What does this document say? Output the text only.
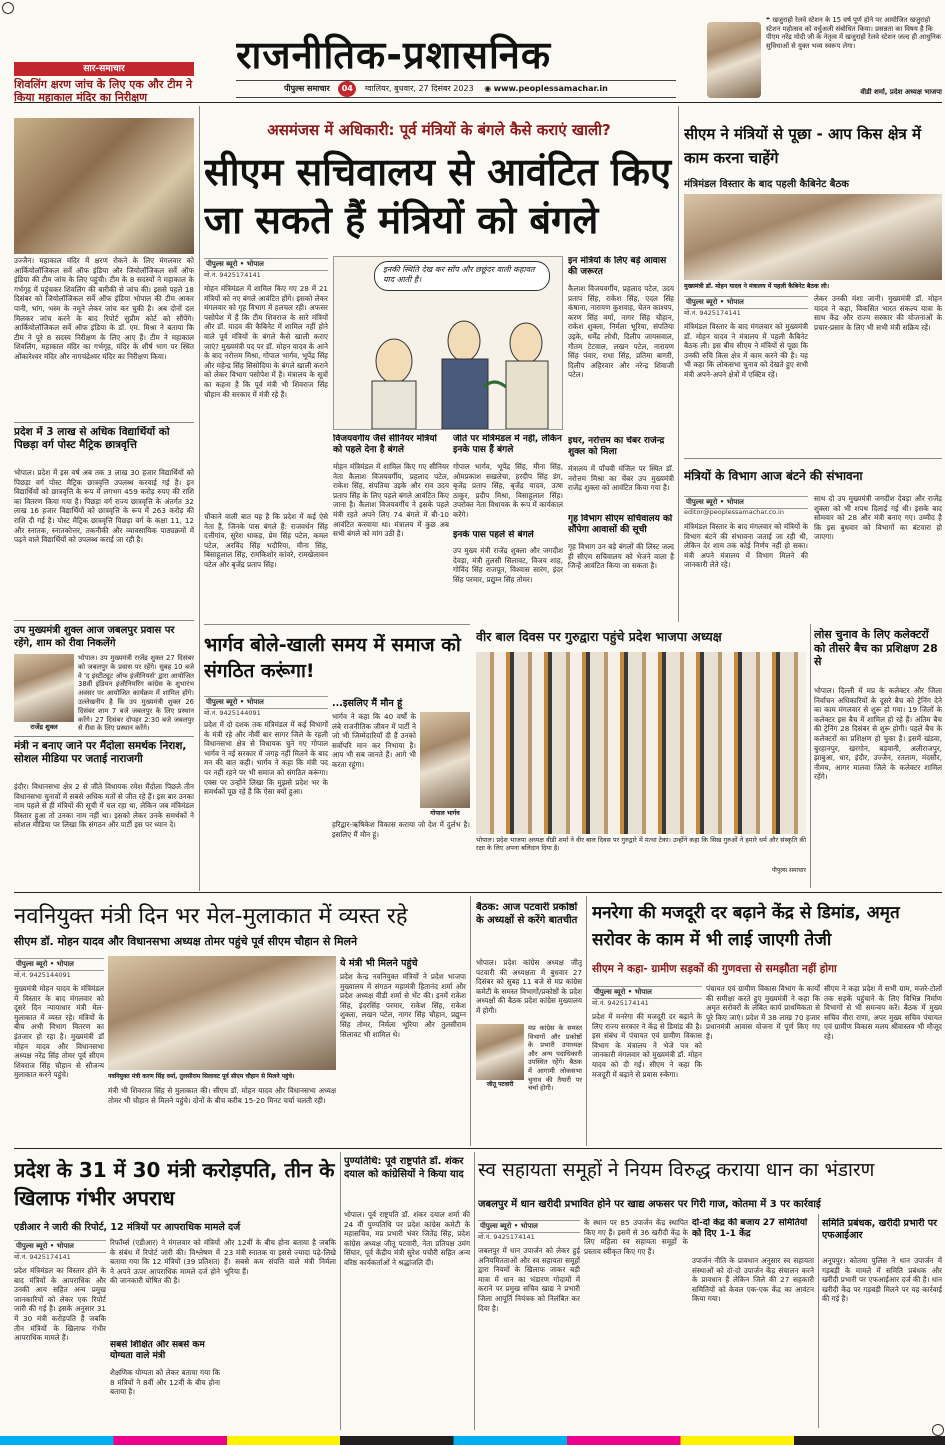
राजनीतिक-प्रशासनिक
पीपुल्स समाचार 04 ग्वालियर, बुधवार, 27 दिसंबर 2023 ◉ www.peoplessamachar.in
❝ खजुराहो रेलवे स्टेशन के 15 वर्ष पूर्ण होने पर आयोजित खजुराहो स्टेशन महोत्सव को वर्चुअली संबोधित किया। प्रसन्नता का विषय है कि पीएम नरेंद्र मोदी जी के नेतृत्व में खजुराहो रेलवे स्टेशन जल्द ही आधुनिक सुविधाओं से युक्त भव्य स्वरूप लेगा।
वीडी शर्मा, प्रदेश अध्यक्ष भाजपा
सार-समाचार
शिवलिंग क्षरण जांच के लिए एक और टीम ने किया महाकाल मंदिर का निरीक्षण
उज्जैन। महाकाल मंदिर में क्षरण रोकने के लिए मंगलवार को आर्कियोलॉजिकल सर्वे ऑफ इंडिया और जियोलॉजिकल सर्वे ऑफ इंडिया की टीम जांच के लिए पहुंची। टीम के 8 सदस्यों ने महाकाल के गर्भगृह में पहुंचकर शिवलिंग की बारीकी से जांच की। इससे पहले 18 दिसंबर को जियोलॉजिकल सर्वे ऑफ इंडिया भोपाल की टीम आकर पानी, भांग, भस्म के नमूने लेकर जांच कर चुकी है। अब दोनों दल मिलकर जांच करने के बाद रिपोर्ट सुप्रीम कोर्ट को सौंपेंगे। आर्कियोलॉजिकल सर्वे ऑफ इंडिया के डॉ. एम. मिश्रा ने बताया कि टीम ने पूरे 8 सदस्य निरीक्षण के लिए आए हैं। टीम ने महाकाल शिवलिंग, महाकाल मंदिर का गर्भगृह, मंदिर के शीर्ष भाग पर स्थित ओंकारेश्वर मंदिर और नागचंद्रेश्वर मंदिर का निरीक्षण किया।
प्रदेश में 3 लाख से अधिक विद्यार्थियों को पिछड़ा वर्ग पोस्ट मैट्रिक छात्रवृत्ति
भोपाल। प्रदेश में इस वर्ष अब तक 3 लाख 30 हजार विद्यार्थियों को पिछड़ा वर्ग पोस्ट मैट्रिक छात्रवृत्ति उपलब्ध करवाई गई है। इन विद्यार्थियों को छात्रवृत्ति के रूप में लगभग 459 करोड़ रुपए की राशि का वितरण किया गया है। पिछड़ा वर्ग राज्य छात्रवृत्ति के अंतर्गत 32 लाख 16 हजार विद्यार्थियों को छात्रवृत्ति के रूप में 263 करोड़ की राशि दी गई है। पोस्ट मैट्रिक छात्रवृत्ति पिछड़ा वर्ग के कक्षा 11, 12 और स्नातक, स्नातकोत्तर, तकनीकी और व्यावसायिक पाठ्यक्रमों में पढ़ने वाले विद्यार्थियों को उपलब्ध कराई जा रही है।
उप मुख्यमंत्री शुक्ल आज जबलपुर प्रवास पर रहेंगे, शाम को रीवा निकलेंगे
राजेंद्र शुक्ल
भोपाल। उप मुख्यमंत्री राजेंद्र शुक्ल 27 दिसंबर को जबलपुर के प्रवास पर रहेंगे। सुबह 10 बजे वे 'द इंस्टीट्यूट ऑफ इंजीनियर्स' द्वारा आयोजित 38वीं इंडियन इंजीनियरिंग कांग्रेस के शुभारंभ अवसर पर आयोजित कार्यक्रम में शामिल होंगे। उल्लेखनीय है कि उप मुख्यमंत्री शुक्ल 26 दिसंबर शाम 7 बजे जबलपुर के लिए प्रस्थान करेंगे। 27 दिसंबर दोपहर 2:30 बजे जबलपुर से रीवा के लिए प्रस्थान करेंगे।
मंत्री न बनाए जाने पर मैंदोला समर्थक निराश, सोशल मीडिया पर जताई नाराजगी
इंदौर। विधानसभा क्षेत्र 2 से जीते विधायक रमेश मैंदोला पिछले तीन विधानसभा चुनावों में सबसे अधिक मतों से जीत रहे हैं। इस बार उनका नाम पहले से ही मंत्रियों की सूची में चल रहा था, लेकिन जब मंत्रिमंडल विस्तार हुआ तो उनका नाम नहीं था। इसको लेकर उनके समर्थकों ने सोशल मीडिया पर लिखा कि संगठन और पार्टी इस पर ध्यान दे।
असमंजस में अधिकारी: पूर्व मंत्रियों के बंगले कैसे कराएं खाली?
सीएम सचिवालय से आवंटित किए जा सकते हैं मंत्रियों को बंगले
पीपुल्स ब्यूरो • भोपाल
मो.नं. 9425174141
मोहन मंत्रिमंडल में शामिल किए गए 28 में 21 मंत्रियों को नए बंगले आवंटित होंगे। इसको लेकर मंगलवार को गृह विभाग में हलचल रही। अफसर पसोपेश में हैं कि टीम शिवराज के सारे मंत्रियों और डॉ. यादव की कैबिनेट में शामिल नहीं होने वाले पूर्व मंत्रियों के बंगले कैसे खाली कराए जाएं? मुख्यमंत्री पद पर डॉ. मोहन यादव के आने के बाद नरोत्तम मिश्रा, गोपाल भार्गव, भूपेंद्र सिंह और महेन्द्र सिंह सिसोदिया के बंगले खाली कराने को लेकर विभाग पसोपेश में है। मंत्रालय के सूत्रों का कहना है कि पूर्व मंत्री भी शिवराज सिंह चौहान की सरकार में मंत्री रहे हैं।
चौंकाने वाली बात यह है कि प्रदेश में कई ऐसे नेता हैं, जिनके पास बंगले हैं: राजवर्धन सिंह दत्तीगांव, सुरेश धाकड़, प्रेम सिंह पटेल, कमल पटेल, अरविंद सिंह भदौरिया, मीना सिंह, बिसाहूलाल सिंह, रामकिशोर कांवरे, रामखेलावन पटेल और बृजेंद्र प्रताप सिंह।
इनकी स्थिति देख कर साँप और छछूंदर वाली कहावत याद आती है।
विजयवर्गीय जैसे सीनियर मंत्रियों को पहले देना है बंगले
मोहन मंत्रिमंडल में शामिल किए गए सीनियर नेता कैलाश विजयवर्गीय, प्रहलाद पटेल, राकेश सिंह, संपतिया उइके और राव उदय प्रताप सिंह के लिए पहले बंगले आवंटित किए जाना है। कैलाश विजयवर्गीय ने इसके पहले मंत्री रहते अपने लिए 74 बंगले में बी-10 आवंटित करवाया था। मंत्रालय में कुछ अब सभी बंगले को मांग उठी है।
जीते पर मंत्रिमंडल में नहीं, लेकिन इनके पास हैं बंगले
गोपाल भार्गव, भूपेंद्र सिंह, मीना सिंह, ओमप्रकाश सखलेचा, हरदीप सिंह डंग, बृजेंद्र प्रताप सिंह, बृजेंद्र यादव, ऊषा ठाकुर, प्रदीप मिश्रा, विसाहूलाल सिंह। उपरोक्त नेता विधायक के रूप में कार्यकाल करेंगे।
इनके पास पहले से बंगले
उप मुख्य मंत्री राजेंद्र शुक्ला और जगदीश देवड़ा, मंत्री तुलसी सिलावट, विजय शाह, गोविंद सिंह राजपूत, विश्वास सारंग, इंदर सिंह परमार, प्रद्युम्न सिंह तोमर।
इन मंत्रियों के लिए बड़े आवास की जरूरत
कैलाश विजयवर्गीय, प्रहलाद पटेल, उदय प्रताप सिंह, राकेश सिंह, एदल सिंह कंषाना, नारायण कुशवाह, चेतन काश्यप, करण सिंह वर्मा, नागर सिंह चौहान, राकेश शुक्ला, निर्मला भूरिया, संपतिया उइके, धर्मेंद्र लोधी, दिलीप जायसवाल, गौतम टेटवाल, लखन पटेल, नारायण सिंह पंवार, राधा सिंह, प्रतिमा बागरी, दिलीप अहिरवार और नरेन्द्र शिवाजी पटेल।
इधर, नरोत्तम का चेंबर राजेन्द्र शुक्ल को मिला
मंत्रालय में पाँचवी मंजिल पर स्थित डॉ. नरोत्तम मिश्रा का चेंबर उप मुख्यमंत्री राजेंद्र शुक्ला को आवंटित किया गया है।
गृह विभाग सीएम सचिवालय को सौंपेगा आवासों की सूची
गृह विभाग उन बड़े बंगलों की लिस्ट जल्द ही सीएम सचिवालय को भेजने वाला है जिन्हें आवंटित किया जा सकता है।
भार्गव बोले-खाली समय में समाज को संगठित करूंगा!
पीपुल्स ब्यूरो • भोपाल
मो.नं. 9425144091
प्रदेश में दो दशक तक मंत्रिमंडल में कई विभागों के मंत्री रहे और नौवीं बार सागर जिले के रहली विधानसभा क्षेत्र से विधायक चुने गए गोपाल भार्गव ने नई सरकार में जगह नहीं मिलने के बाद मन की बात कही। भार्गव ने कहा कि मंत्री पद पर नहीं रहने पर भी समाज को संगठित करूंगा। एक्स पर उन्होंने लिखा कि मुझसे प्रदेश भर के समर्थकों पूछ रहे हैं कि ऐसा क्यों हुआ।
...इसलिए मैं मौन हूं
भार्गव ने कहा कि 40 वर्षों के लंबे राजनीतिक जीवन में पार्टी ने जो भी जिम्मेदारियाँ दी हैं उनको सर्वोपरि मान कर निभाया है। आप भी सब जानते हैं। आगे भी करता रहूंगा।
गोपाल भार्गव
हरिद्वार-ऋषिकेश विकास कराया जो देश में दुर्लभ है। इसलिए मैं मौन हूं।
सीएम ने मंत्रियों से पूछा - आप किस क्षेत्र में काम करना चाहेंगे
मंत्रिमंडल विस्तार के बाद पहली कैबिनेट बैठक
मुख्यमंत्री डॉ. मोहन यादव ने मंत्रालय में पहली कैबिनेट बैठक ली।
पीपुल्स ब्यूरो • भोपाल
मो.नं. 9425174141
मंत्रिमंडल विस्तार के बाद मंगलवार को मुख्यमंत्री डॉ. मोहन यादव ने मंत्रालय में पहली कैबिनेट बैठक ली। इस बीच सीएम ने मंत्रियों से पूछा कि उनकी रुचि किस क्षेत्र में काम करने की है। यह भी कहा कि लोकसभा चुनाव को देखते हुए सभी मंत्री अपने-अपने क्षेत्रों में एक्टिव रहें।
लेकर उनकी मंशा जानी। मुख्यमंत्री डॉ. मोहन यादव ने कहा, विकसित भारत संकल्प यात्रा के साथ केंद्र और राज्य सरकार की योजनाओं के प्रचार-प्रसार के लिए भी सभी मंत्री सक्रिय रहें।
मंत्रियों के विभाग आज बंटने की संभावना
पीपुल्स ब्यूरो • भोपाल
editor@peoplessamachar.co.in
मंत्रिमंडल विस्तार के बाद मंगलवार को मंत्रियों के विभाग बंटने की संभावना जताई जा रही थी, लेकिन देर शाम तक कोई निर्णय नहीं हो सका। मंत्री अपने मंत्रालय में विभाग मिलने की जानकारी लेते रहे।
साथ दो उप मुख्यमंत्री जगदीश देवड़ा और राजेंद्र शुक्ला को भी शपथ दिलाई गई थी। इसके बाद सोमवार को 28 और मंत्री बनाए गए। उम्मीद है कि इस बुधवार को विभागों का बंटवारा हो जाएगा।
वीर बाल दिवस पर गुरुद्वारा पहुंचे प्रदेश भाजपा अध्यक्ष
भोपाल। प्रदेश भाजपा अध्यक्ष वीडी शर्मा ने वीर बाल दिवस पर गुरुद्वारे में मत्था टेका। उन्होंने कहा कि सिख गुरुओं ने हमारे धर्म और संस्कृति की रक्षा के लिए अपना बलिदान दिया है।
पीपुल्स समाचार
लोस चुनाव के लिए कलेक्टरों को तीसरे बैच का प्रशिक्षण 28 से
भोपाल। दिल्ली में मप्र के कलेक्टर और जिला निर्वाचन अधिकारियों के दूसरे बैच को ट्रेनिंग देने का काम मंगलवार से शुरू हो गया। 19 जिलों के कलेक्टर इस बैच में शामिल हो रहे हैं। अंतिम बैच की ट्रेनिंग 28 दिसंबर से शुरू होगी। पहले बैच के कलेक्टरों का प्रशिक्षण हो चुका है। इसमें खंडवा, बुरहानपुर, खरगोन, बड़वानी, अलीराजपुर, झाबुआ, धार, इंदौर, उज्जैन, रतलाम, मंदसौर, नीमच, आगर मालवा जिले के कलेक्टर शामिल रहेंगे।
नवनियुक्त मंत्री दिन भर मेल-मुलाकात में व्यस्त रहे
सीएम डॉ. मोहन यादव और विधानसभा अध्यक्ष तोमर पहुंचे पूर्व सीएम चौहान से मिलने
पीपुल्स ब्यूरो • भोपाल
मो.नं. 9425144091
मुख्यमंत्री मोहन यादव के मंत्रिमंडल में विस्तार के बाद मंगलवार को दूसरे दिन न्यायाधार मंत्री मेल-मुलाकात में व्यस्त रहे। मंत्रियों के बीच अभी विभाग वितरण का इंतजार हो रहा है। मुख्यमंत्री डॉ मोहन यादव और विधानसभा अध्यक्ष नरेंद्र सिंह तोमर पूर्व सीएम शिवराज सिंह चौहान से सौजन्य मुलाकात करने पहुंचे।	नवनियुक्त मंत्री करण सिंह वर्मा, तुलसीराम सिलावट पूर्व सीएम चौहान से मिलने पहुंचे।
मंत्री भी शिवराज सिंह से मुलाकात की। सीएम डॉ. मोहन यादव और विधानसभा अध्यक्ष तोमर भी चौहान से मिलने पहुंचे। दोनों के बीच करीब 15-20 मिनट चर्चा चलती रही।
ये मंत्री भी मिलने पहुंचे
प्रदेश केन्द्र नवनियुक्त मंत्रियों ने प्रदेश भाजपा मुख्यालय में संगठन महामंत्री हितानंद शर्मा और प्रदेश अध्यक्ष वीडी शर्मा से भेंट की। इनमें राकेश सिंह, इंदरसिंह परमार, राकेश सिंह, राकेश शुक्ला, लखन पटेल, नागर सिंह चौहान, प्रद्युम्न सिंह तोमर, निर्मला भूरिया और तुलसीराम सिलावट भी शामिल थे।
बैठक: आज पटवारी प्रकोष्ठों के अध्यक्षों से करेंगे बातचीत
भोपाल। प्रदेश कांग्रेस अध्यक्ष जीतू पटवारी की अध्यक्षता में बुधवार 27 दिसंबर को सुबह 11 बजे से मप्र कांग्रेस कमेटी के समस्त विभागों/प्रकोष्ठों के प्रदेश अध्यक्षों की बैठक प्रदेश कांग्रेस मुख्यालय में होगी।
जीतू पटवारी
मप्र कांग्रेस के समस्त विभागों और प्रकोष्ठों के प्रभारी उपाध्यक्ष और अन्य पदाधिकारी उपस्थित रहेंगे। बैठक में आगामी लोकसभा चुनाव की तैयारी पर चर्चा होगी।
मनरेगा की मजदूरी दर बढ़ाने केंद्र से डिमांड, अमृत सरोवर के काम में भी लाई जाएगी तेजी
सीएम ने कहा- ग्रामीण सड़कों की गुणवत्ता से समझौता नहीं होगा
पीपुल्स ब्यूरो • भोपाल
मो.नं. 9425174141
प्रदेश में मनरेगा की मजदूरी दर बढ़ाने के लिए राज्य सरकार ने केंद्र से डिमांड की है। इस संबंध में पंचायत एवं ग्रामीण विकास विभाग के मंत्रालय ने भेजे पत्र को जानकारी मंगलवार को मुख्यमंत्री डॉ. मोहन यादव को दी गई। सीएम ने कहा कि मजदूरी में बढ़ाने से प्रवास रुकेगा।
पंचायत एवं ग्रामीण विकास विभाग के कार्यों की समीक्षा करते हुए मुख्यमंत्री ने कहा कि अमृत सरोवरों के लंबित कार्य प्राथमिकता से पूरे किए जाएं। प्रदेश में 38 लाख 70 हजार प्रधानमंत्री आवास योजना में पूर्ण किए गए हैं।
सीएम ने कहा प्रदेश में सभी ग्राम, मजरे-टोलों तक सड़कें पहुंचाने के लिए विभिन्न निर्माण विभागों से भी समन्वय करें। बैठक में मुख्य सचिव वीरा राणा, अपर मुख्य सचिव पंचायत एवं ग्रामीण विकास मलय श्रीवास्तव भी मौजूद रहे।
प्रदेश के 31 में 30 मंत्री करोड़पति, तीन के खिलाफ गंभीर अपराध
एडीआर ने जारी की रिपोर्ट, 12 मंत्रियों पर आपराधिक मामले दर्ज
पीपुल्स ब्यूरो • भोपाल
मो.नं. 9425174141
प्रदेश मंत्रिमंडल का विस्तार होने के बाद मंत्रियों के आपराधिक और उनकी आय सहित अन्य प्रमुख जानकारियों को लेकर एक रिपोर्ट जारी की गई है। इसके अनुसार 31 में 30 मंत्री करोड़पति हैं जबकि तीन मंत्रियों के खिलाफ गंभीर आपराधिक मामले हैं।
रिफॉर्म्स (एडीआर) ने मंगलवार को मंत्रियों के संबंध में रिपोर्ट जारी की। विश्लेषण में बताया गया कि 12 मंत्रियों (39 प्रतिशत) ने अपने ऊपर आपराधिक मामले दर्ज होने की जानकारी घोषित की है।
सबसे शिक्षित और सबसे कम योग्यता वाले मंत्री
शैक्षणिक योग्यता को लेकर बताया गया कि 8 मंत्रियों ने 8वीं और 12वीं के बीच होना बताया है।
और 12वीं के बीच होना बताया है जबकि 23 मंत्री स्नातक या इससे ज्यादा पढ़े-लिखे हैं। सबसे कम संपत्ति वाले मंत्री निर्मला भूरिया हैं।
पुण्यतिथि: पूर्व राष्ट्रपति डॉ. शंकर दयाल को कांग्रेसियों ने किया याद
भोपाल। पूर्व राष्ट्रपति डॉ. शंकर दयाल शर्मा की 24 वीं पुण्यतिथि पर प्रदेश कांग्रेस कमेटी के महासचिव, मप्र प्रभारी भंवर जितेंद्र सिंह, प्रदेश कांग्रेस अध्यक्ष जीतू पटवारी, नेता प्रतिपक्ष उमंग सिंघार, पूर्व केंद्रीय मंत्री सुरेश पचौरी सहित अन्य वरिष्ठ कार्यकर्ताओं ने श्रद्धांजलि दी।
स्व सहायता समूहों ने नियम विरुद्ध कराया धान का भंडारण
जबलपुर में धान खरीदी प्रभावित होने पर खाद्य अफसर पर गिरी गाज, कोतमा में 3 पर कार्रवाई
पीपुल्स ब्यूरो • भोपाल
मो.नं. 9425174141
जबलपुर में धान उपार्जन को लेकर हुई अनियमितताओं और स्व सहायता समूहों द्वारा नियमों के खिलाफ जाकर बड़ी मात्रा में धान का भंडारण गोदामों में कराने पर प्रमुख सचिव खाद्य ने प्रभारी जिला आपूर्ति नियंत्रक को निलंबित कर दिया है।
के स्थान पर 85 उपार्जन केंद्र स्थापित किए गए हैं। इसमें से 36 खरीदी केंद्र के लिए महिला स्व सहायता समूहों के प्रस्ताव स्वीकृत किए गए हैं।
दो-दो केंद्र की बजाय 27 समितियों को दिए 1-1 केंद्र
उपार्जन नीति के प्रावधान अनुसार स्व सहायता संस्थाओं को दो-दो उपार्जन केंद्र संचालन करने के प्रावधान हैं लेकिन जिले की 27 सहकारी समितियों को केवल एक-एक केंद्र का आवंटन किया गया।
समिति प्रबंधक, खरीदी प्रभारी पर एफआईआर
अनूपपुर। कोतमा पुलिस ने धान उपार्जन में गड़बड़ी के मामले में समिति प्रबंधक और खरीदी प्रभारी पर एफआईआर दर्ज की है। धान खरीदी केंद्र पर गड़बड़ी मिलने पर यह कार्रवाई की गई है।
